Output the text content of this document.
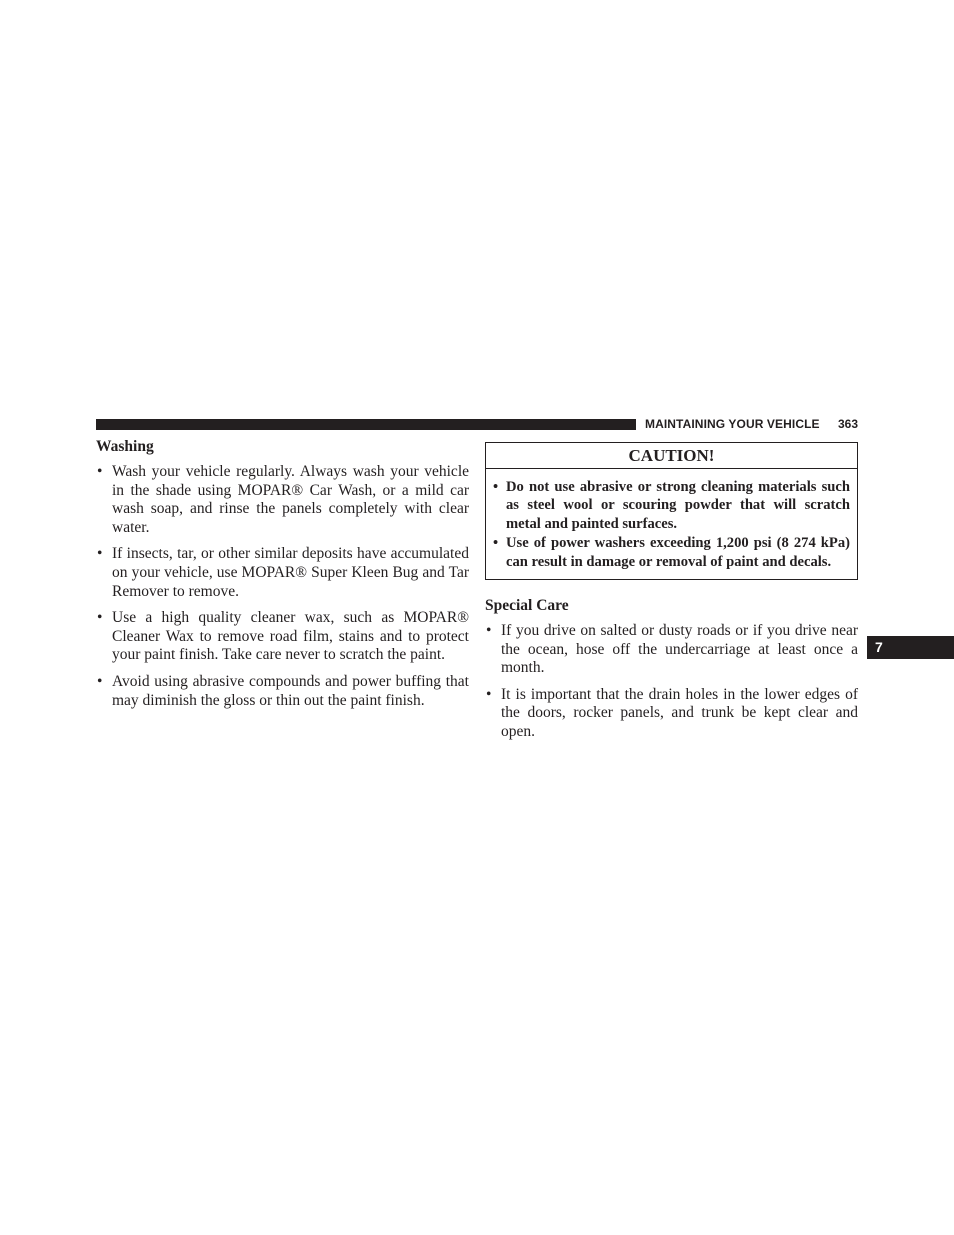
MAINTAINING YOUR VEHICLE 363
7
Washing
• Wash your vehicle regularly. Always wash your vehicle in the shade using MOPAR® Car Wash, or a mild car wash soap, and rinse the panels completely with clear water.
• If insects, tar, or other similar deposits have accumulated on your vehicle, use MOPAR® Super Kleen Bug and Tar Remover to remove.
• Use a high quality cleaner wax, such as MOPAR® Cleaner Wax to remove road film, stains and to protect your paint finish. Take care never to scratch the paint.
• Avoid using abrasive compounds and power buffing that may diminish the gloss or thin out the paint finish.
CAUTION!
• Do not use abrasive or strong cleaning materials such as steel wool or scouring powder that will scratch metal and painted surfaces.
• Use of power washers exceeding 1,200 psi (8 274 kPa) can result in damage or removal of paint and decals.
Special Care
• If you drive on salted or dusty roads or if you drive near the ocean, hose off the undercarriage at least once a month.
• It is important that the drain holes in the lower edges of the doors, rocker panels, and trunk be kept clear and open.
